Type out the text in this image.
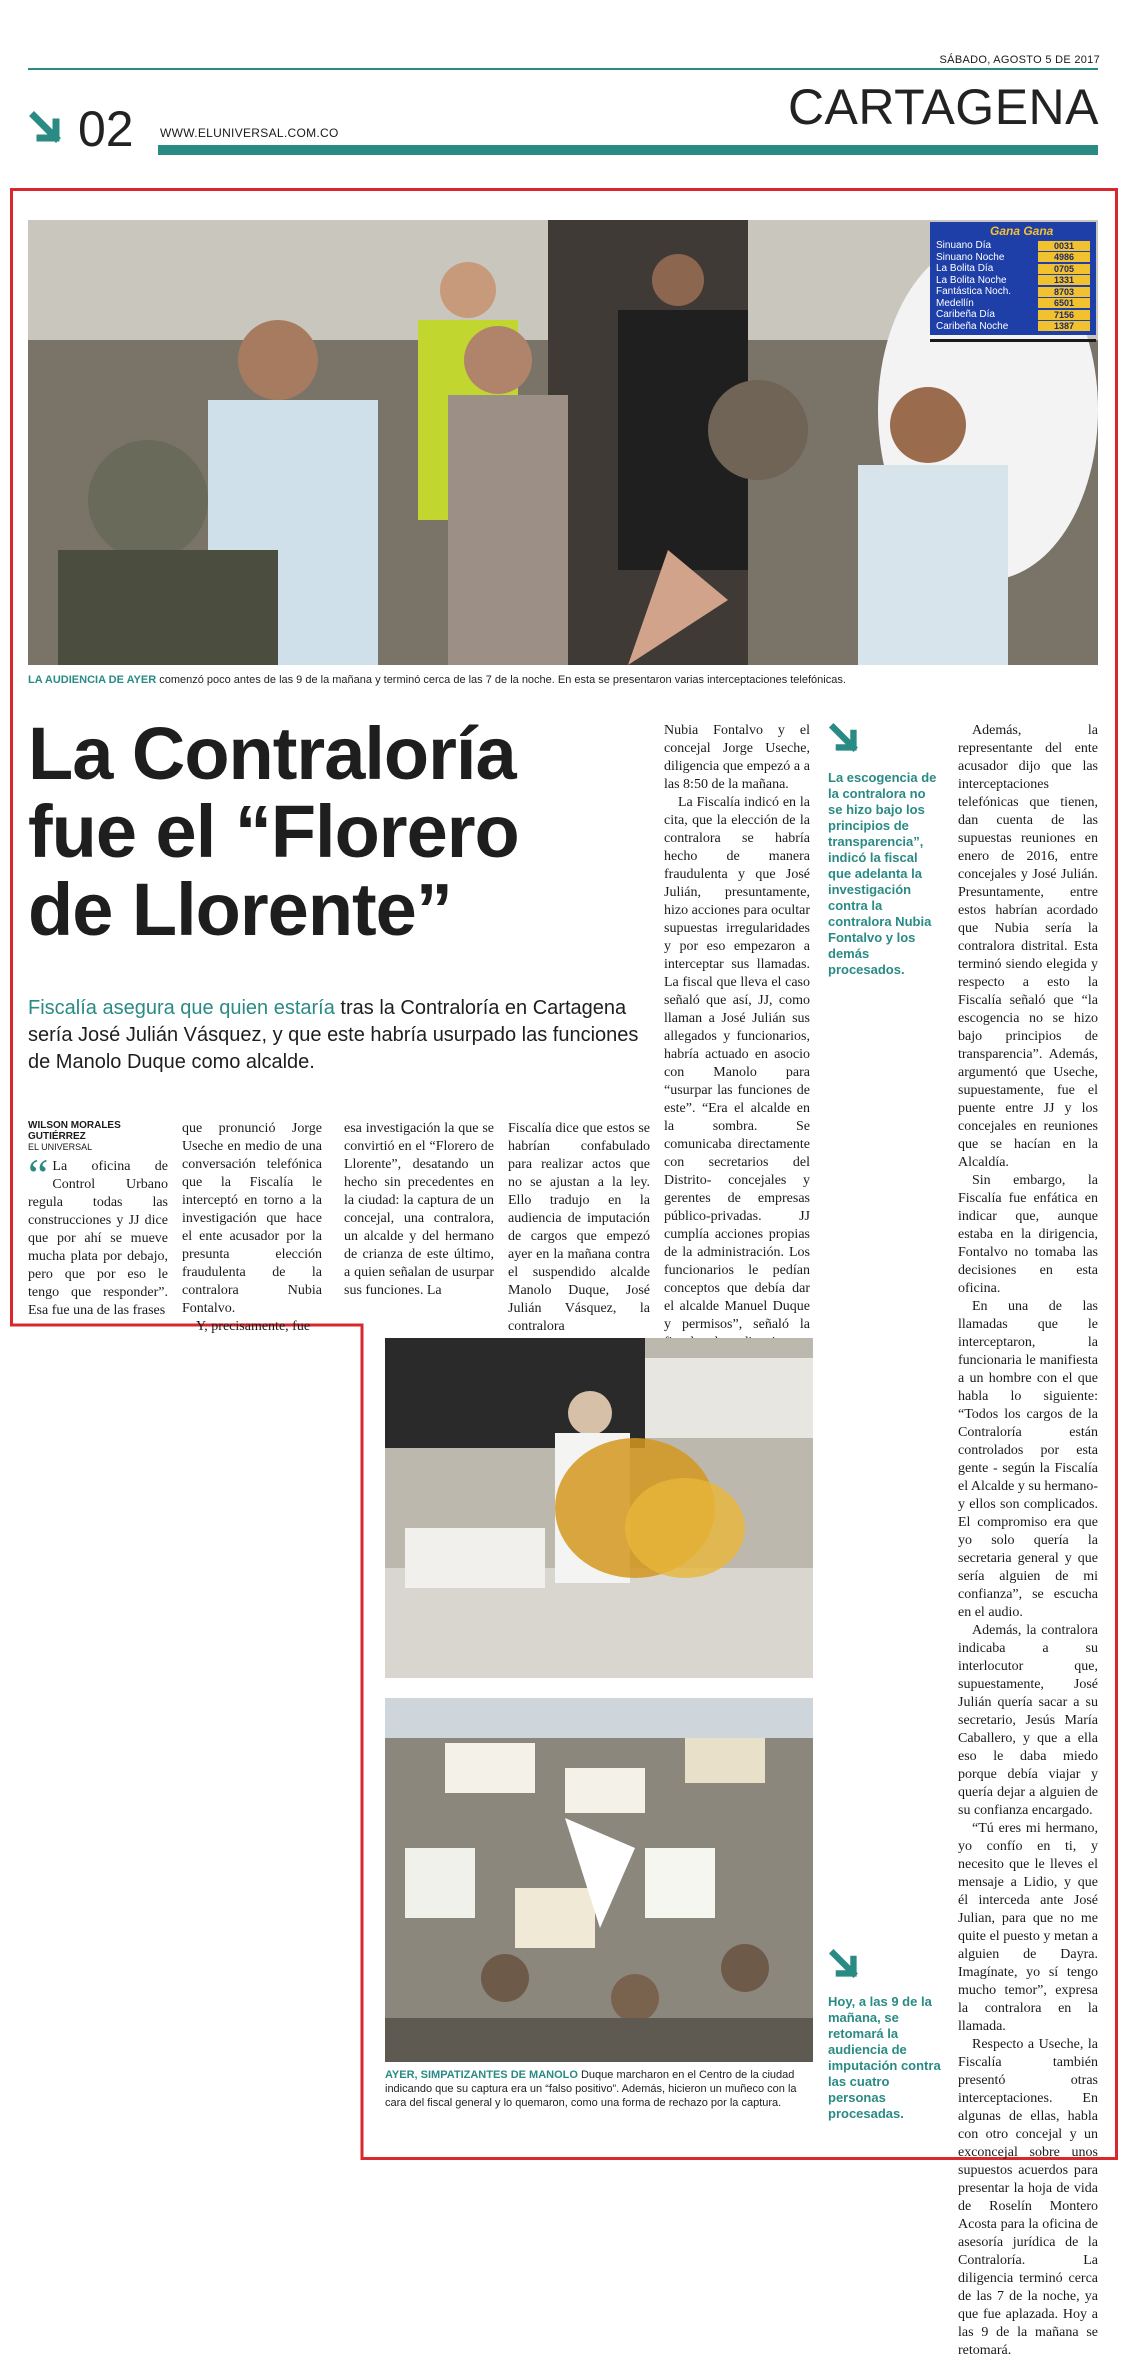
SÁBADO, AGOSTO 5 DE 2017
02 WWW.ELUNIVERSAL.COM.CO	CARTAGENA
Gana Gana
Sinuano Día	0031
Sinuano Noche	4986
La Bolita Día	0705
La Bolita Noche	1331
Fantástica Noch.	8703
Medellín	6501
Caribeña Día	7156
Caribeña Noche	1387
LA AUDIENCIA DE AYER comenzó poco antes de las 9 de la mañana y terminó cerca de las 7 de la noche. En esta se presentaron varias interceptaciones telefónicas.
La Contraloría
fue el “Florero
de Llorente”
Fiscalía asegura que quien estaría tras la Contraloría en Cartagena sería José Julián Vásquez, y que este habría usurpado las funciones de Manolo Duque como alcalde.
WILSON MORALES GUTIÉRREZ
EL UNIVERSAL
“ La oficina de Control Urbano regula todas las construcciones y JJ dice que por ahí se mueve mucha plata por debajo, pero que por eso le tengo que responder”. Esa fue una de las frases

que pronunció Jorge Useche en medio de una conversación telefónica que la Fiscalía le interceptó en torno a la investigación que hace el ente acusador por la presunta elección fraudulenta de la contralora Nubia Fontalvo.

Y, precisamente, fue

esa investigación la que se convirtió en el “Florero de Llorente”, desatando un hecho sin precedentes en la ciudad: la captura de un concejal, una contralora, un alcalde y del hermano de crianza de este último, a quien señalan de usurpar sus funciones. La

Fiscalía dice que estos se habrían confabulado para realizar actos que no se ajustan a la ley. Ello tradujo en la audiencia de imputación de cargos que empezó ayer en la mañana contra el suspendido alcalde Manolo Duque, José Julián Vásquez, la contralora

Nubia Fontalvo y el concejal Jorge Useche, diligencia que empezó a a las 8:50 de la mañana.

La Fiscalía indicó en la cita, que la elección de la contralora se habría hecho de manera fraudulenta y que José Julián, presuntamente, hizo acciones para ocultar supuestas irregularidades y por eso empezaron a interceptar sus llamadas. La fiscal que lleva el caso señaló que así, JJ, como llaman a José Julián sus allegados y funcionarios, habría actuado en asocio con Manolo para “usurpar las funciones de este”. “Era el alcalde en la sombra. Se comunicaba directamente con secretarios del Distrito- concejales y gerentes de empresas público-privadas. JJ cumplía acciones propias de la administración. Los funcionarios le pedían conceptos que debía dar el alcalde Manuel Duque y permisos”, señaló la

La escogencia de la contralora no se hizo bajo los principios de transparencia”, indicó la fiscal que adelanta la investigación contra la contralora Nubia Fontalvo y los demás procesados.

Además, la representante del ente acusador dijo que las interceptaciones telefónicas que tienen, dan cuenta de las supuestas reuniones en enero de 2016, entre concejales y José Julián. Presuntamente, entre estos habrían acordado que Nubia sería la contralora distrital. Esta terminó siendo elegida y respecto a esto la Fiscalía señaló que “la escogencia no se hizo bajo principios de transparencia”. Además, argumentó que Useche, supuestamente, fue el puente entre JJ y los concejales en reuniones que se hacían en la Alcaldía.

Sin embargo, la Fiscalía fue enfática en indicar que, aunque estaba en la dirigencia, Fontalvo no tomaba las decisiones en esta oficina.

En una de las llamadas que le interceptaron, la funcionaria le manifiesta a un hombre con el que habla lo siguiente: “Todos los cargos de la Contraloría están controlados por esta gente - según la Fiscalía el Alcalde y su hermano- y ellos son complicados. El compromiso era que yo solo quería la secretaria general y que sería alguien de mi confianza”, se escucha en el audio.

Además, la contralora indicaba a su interlocutor que, supuestamente, José Julián quería sacar a su secretario, Jesús María Caballero, y que a ella eso le daba miedo porque debía viajar y quería dejar a alguien de su confianza encargado.

“Tú eres mi hermano, yo confío en ti, y necesito que le lleves el mensaje a Lidio, y que él interceda ante José Julian, para que no me quite el puesto y metan a alguien de Dayra. Imagínate, yo sí tengo mucho temor”, expresa la contralora en la llamada.

Respecto a Useche, la Fiscalía también presentó otras interceptaciones. En algunas de ellas, habla con otro concejal y un exconcejal sobre unos supuestos acuerdos para presentar la hoja de vida de Roselín Montero Acosta para la oficina de asesoría jurídica de la Contraloría. La diligencia terminó cerca de las 7 de la noche, ya que fue aplazada. Hoy a las 9 de la mañana se retomará.

AYER, SIMPATIZANTES DE MANOLO Duque marcharon en el Centro de la ciudad indicando que su captura era un “falso positivo”. Además, hicieron un muñeco con la cara del fiscal general y lo quemaron, como una forma de rechazo por la captura.
Hoy, a las 9 de la mañana, se retomará la audiencia de imputación contra las cuatro personas procesadas.
